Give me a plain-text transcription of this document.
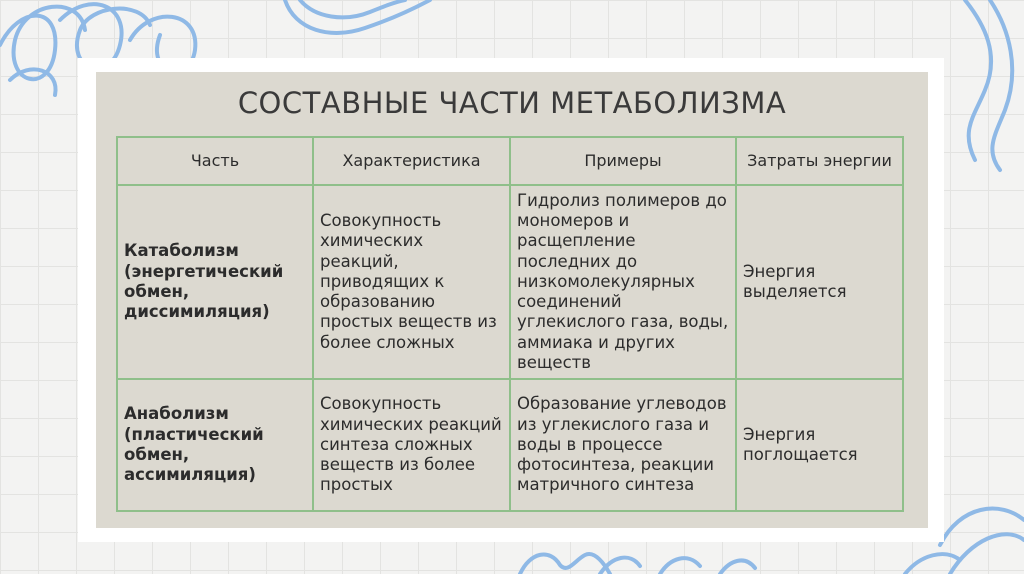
СОСТАВНЫЕ ЧАСТИ МЕТАБОЛИЗМА
Часть	Характеристика	Примеры	Затраты энергии
Катаболизм (энергетический обмен, диссимиляция)	Совокупность химических реакций, приводящих к образованию простых веществ из более сложных	Гидролиз полимеров до мономеров и расщепление последних до низкомолекулярных соединений углекислого газа, воды, аммиака и других веществ	Энергия выделяется
Анаболизм (пластический обмен, ассимиляция)	Совокупность химических реакций синтеза сложных веществ из более простых	Образование углеводов из углекислого газа и воды в процессе фотосинтеза, реакции матричного синтеза	Энергия поглощается
